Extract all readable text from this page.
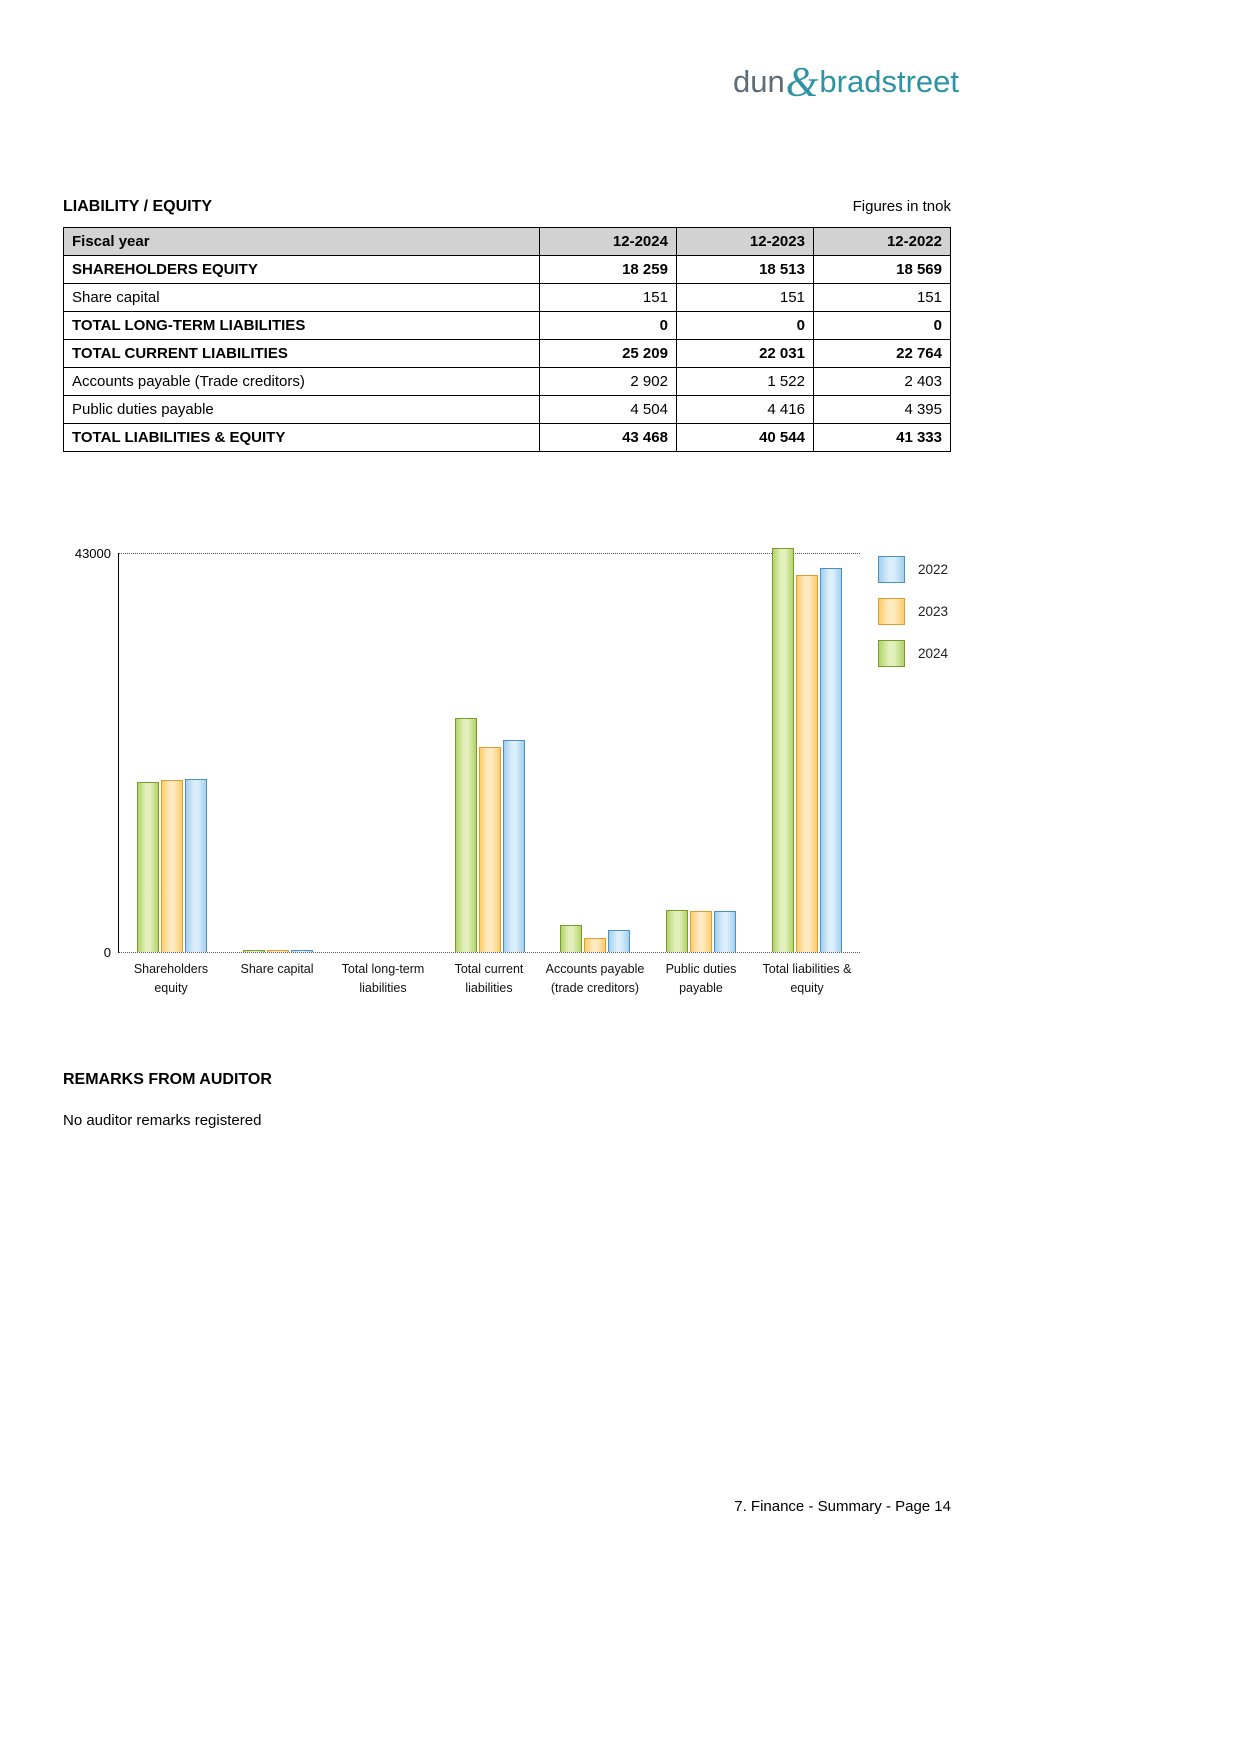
dun&bradstreet
LIABILITY / EQUITY	Figures in tnok
Fiscal year	12-2024	12-2023	12-2022
SHAREHOLDERS EQUITY	18 259	18 513	18 569
Share capital	151	151	151
TOTAL LONG-TERM LIABILITIES	0	0	0
TOTAL CURRENT LIABILITIES	25 209	22 031	22 764
Accounts payable (Trade creditors)	2 902	1 522	2 403
Public duties payable	4 504	4 416	4 395
TOTAL LIABILITIES & EQUITY	43 468	40 544	41 333
43000
0
Shareholders
equity
Share capital	Total long-term
liabilities
Total current
liabilities
Accounts payable
(trade creditors)
Public duties
payable
Total liabilities &
equity
2022
2023
2024
REMARKS FROM AUDITOR
No auditor remarks registered
7. Finance - Summary - Page 14
